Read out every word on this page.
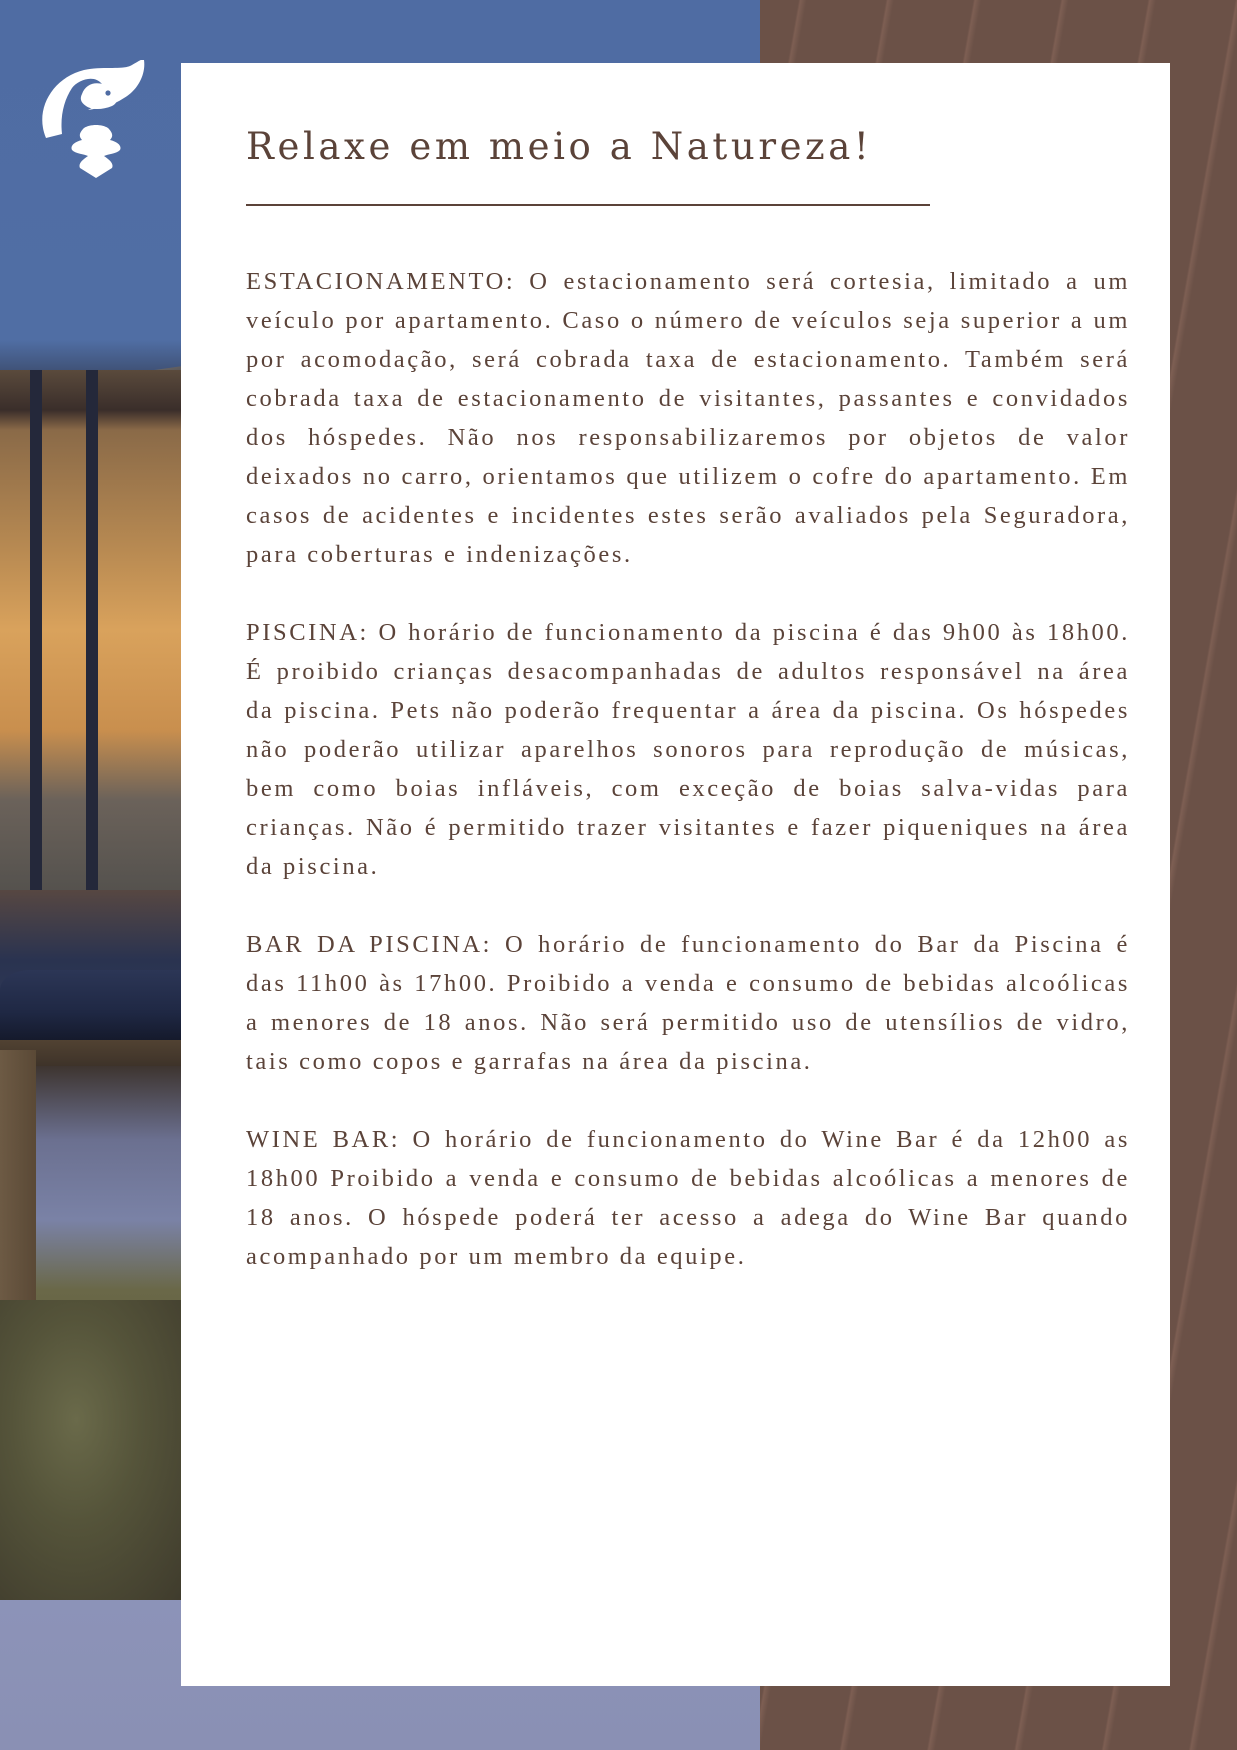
Relaxe em meio a Natureza!

ESTACIONAMENTO: O estacionamento será cortesia, limitado a um veículo por apartamento. Caso o número de veículos seja superior a um por acomodação, será cobrada taxa de estacionamento. Também será cobrada taxa de estacionamento de visitantes, passantes e convidados dos hóspedes. Não nos responsabilizaremos por objetos de valor deixados no carro, orientamos que utilizem o cofre do apartamento. Em casos de acidentes e incidentes estes serão avaliados pela Seguradora, para coberturas e indenizações.

PISCINA: O horário de funcionamento da piscina é das 9h00 às 18h00. É proibido crianças desacompanhadas de adultos responsável na área da piscina. Pets não poderão frequentar a área da piscina. Os hóspedes não poderão utilizar aparelhos sonoros para reprodução de músicas, bem como boias infláveis, com exceção de boias salva-vidas para crianças. Não é permitido trazer visitantes e fazer piqueniques na área da piscina.

BAR DA PISCINA: O horário de funcionamento do Bar da Piscina é das 11h00 às 17h00. Proibido a venda e consumo de bebidas alcoólicas a menores de 18 anos. Não será permitido uso de utensílios de vidro, tais como copos e garrafas na área da piscina.

WINE BAR: O horário de funcionamento do Wine Bar é da 12h00 as 18h00 Proibido a venda e consumo de bebidas alcoólicas a menores de 18 anos. O hóspede poderá ter acesso a adega do Wine Bar quando acompanhado por um membro da equipe.
